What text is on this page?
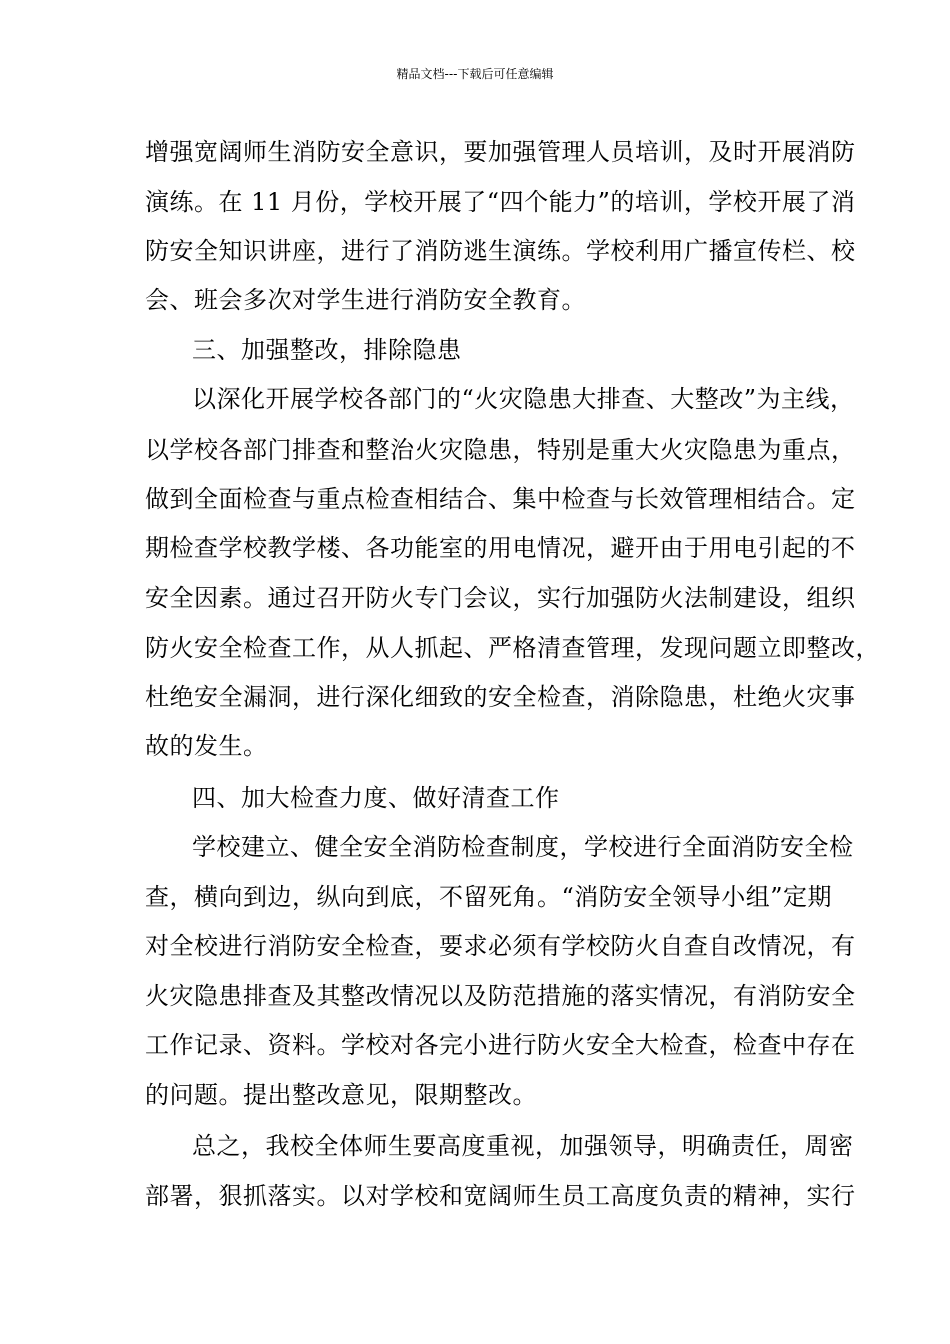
精品文档---下载后可任意编辑
增强宽阔师生消防安全意识，要加强管理人员培训，及时开展消防
演练。在 11 月份，学校开展了“四个能力”的培训，学校开展了消
防安全知识讲座，进行了消防逃生演练。学校利用广播宣传栏、校
会、班会多次对学生进行消防安全教育。
三、加强整改，排除隐患
以深化开展学校各部门的“火灾隐患大排查、大整改”为主线，
以学校各部门排查和整治火灾隐患，特别是重大火灾隐患为重点，
做到全面检查与重点检查相结合、集中检查与长效管理相结合。定
期检查学校教学楼、各功能室的用电情况，避开由于用电引起的不
安全因素。通过召开防火专门会议，实行加强防火法制建设，组织
防火安全检查工作，从人抓起、严格清查管理，发现问题立即整改，
杜绝安全漏洞，进行深化细致的安全检查，消除隐患，杜绝火灾事
故的发生。
四、加大检查力度、做好清查工作
学校建立、健全安全消防检查制度，学校进行全面消防安全检
查，横向到边，纵向到底，不留死角。“消防安全领导小组”定期
对全校进行消防安全检查，要求必须有学校防火自查自改情况，有
火灾隐患排查及其整改情况以及防范措施的落实情况，有消防安全
工作记录、资料。学校对各完小进行防火安全大检查，检查中存在
的问题。提出整改意见，限期整改。
总之，我校全体师生要高度重视，加强领导，明确责任，周密
部署，狠抓落实。以对学校和宽阔师生员工高度负责的精神，实行
